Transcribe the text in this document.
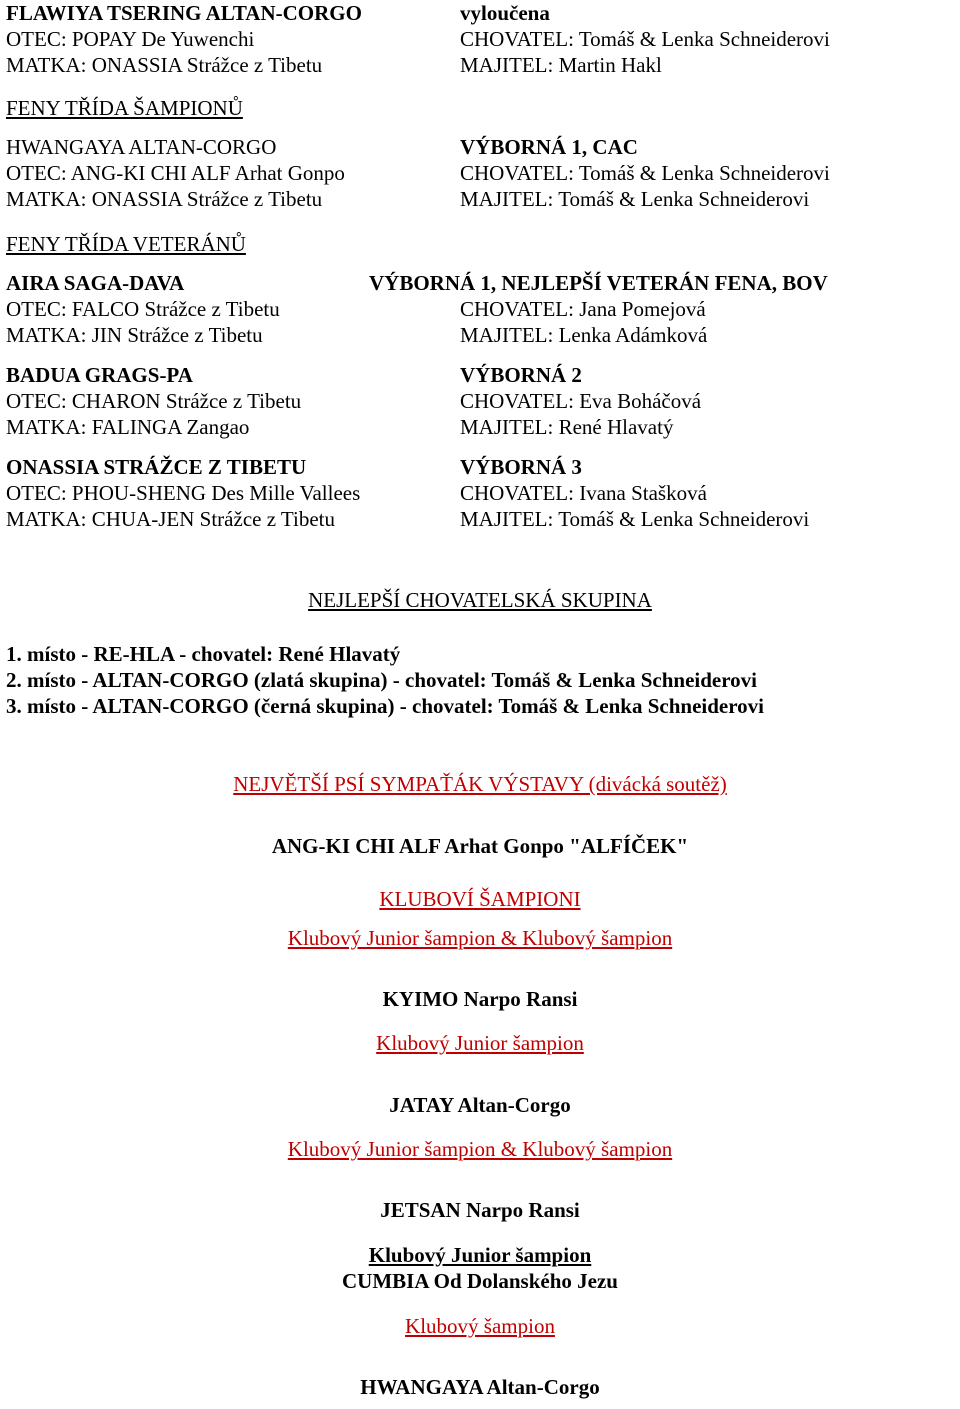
FLAWIYA TSERING ALTAN-CORGO
OTEC: POPAY De Yuwenchi
MATKA: ONASSIA Strážce z Tibetu
vyloučena
CHOVATEL: Tomáš & Lenka Schneiderovi
MAJITEL: Martin Hakl
FENY TŘÍDA ŠAMPIONŮ
HWANGAYA ALTAN-CORGO
OTEC: ANG-KI CHI ALF Arhat Gonpo
MATKA: ONASSIA Strážce z Tibetu
VÝBORNÁ 1, CAC
CHOVATEL: Tomáš & Lenka Schneiderovi
MAJITEL: Tomáš & Lenka Schneiderovi
FENY TŘÍDA VETERÁNŮ
AIRA SAGA-DAVA
OTEC: FALCO Strážce z Tibetu
MATKA: JIN Strážce z Tibetu
VÝBORNÁ 1, NEJLEPŠÍ VETERÁN FENA, BOV
CHOVATEL: Jana Pomejová
MAJITEL: Lenka Adámková
BADUA GRAGS-PA
OTEC: CHARON Strážce z Tibetu
MATKA: FALINGA Zangao
VÝBORNÁ 2
CHOVATEL: Eva Boháčová
MAJITEL: René Hlavatý
ONASSIA STRÁŽCE Z TIBETU
OTEC: PHOU-SHENG Des Mille Vallees
MATKA: CHUA-JEN Strážce z Tibetu
VÝBORNÁ 3
CHOVATEL: Ivana Stašková
MAJITEL: Tomáš & Lenka Schneiderovi
NEJLEPŠÍ CHOVATELSKÁ SKUPINA
1. místo - RE-HLA - chovatel: René Hlavatý
2. místo - ALTAN-CORGO (zlatá skupina) - chovatel: Tomáš & Lenka Schneiderovi
3. místo - ALTAN-CORGO (černá skupina) - chovatel: Tomáš & Lenka Schneiderovi
NEJVĚTŠÍ PSÍ SYMPAŤÁK VÝSTAVY (divácká soutěž)
ANG-KI CHI ALF Arhat Gonpo "ALFÍČEK"
KLUBOVÍ ŠAMPIONI
Klubový Junior šampion & Klubový šampion
KYIMO Narpo Ransi
Klubový Junior šampion
JATAY Altan-Corgo
Klubový Junior šampion & Klubový šampion
JETSAN Narpo Ransi
Klubový Junior šampion
CUMBIA Od Dolanského Jezu
Klubový šampion
HWANGAYA Altan-Corgo
